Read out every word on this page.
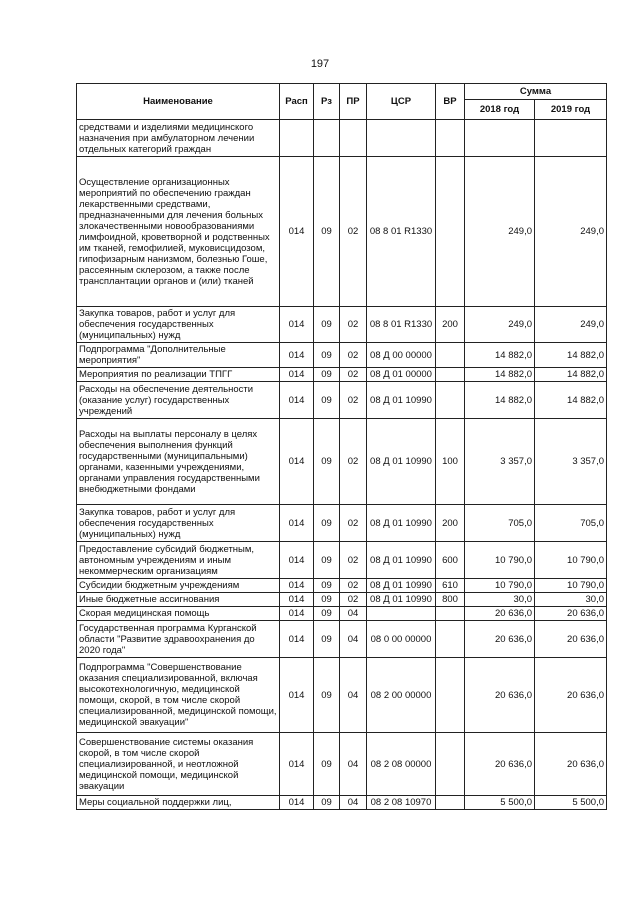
197
Наименование	Расп	Рз	ПР	ЦСР	ВР	Сумма	
						2018 год	2019 год
средствами и изделиями медицинского назначения при амбулаторном лечении отдельных категорий граждан							
Осуществление организационных мероприятий по обеспечению граждан лекарственными средствами, предназначенными для лечения больных злокачественными новообразованиями лимфоидной, кроветворной и родственных им тканей, гемофилией, муковисцидозом, гипофизарным нанизмом, болезнью Гоше, рассеянным склерозом, а также после трансплантации органов и (или) тканей	014	09	02	08 8 01 R1330		249,0	249,0
Закупка товаров, работ и услуг для обеспечения государственных (муниципальных) нужд	014	09	02	08 8 01 R1330	200	249,0	249,0
Подпрограмма "Дополнительные мероприятия"	014	09	02	08 Д 00 00000		14 882,0	14 882,0
Мероприятия по реализации ТПГГ	014	09	02	08 Д 01 00000		14 882,0	14 882,0
Расходы на обеспечение деятельности (оказание услуг) государственных учреждений	014	09	02	08 Д 01 10990		14 882,0	14 882,0
Расходы на выплаты персоналу в целях обеспечения выполнения функций государственными (муниципальными) органами, казенными учреждениями, органами управления государственными внебюджетными фондами	014	09	02	08 Д 01 10990	100	3 357,0	3 357,0
Закупка товаров, работ и услуг для обеспечения государственных (муниципальных) нужд	014	09	02	08 Д 01 10990	200	705,0	705,0
Предоставление субсидий бюджетным, автономным учреждениям и иным некоммерческим организациям	014	09	02	08 Д 01 10990	600	10 790,0	10 790,0
Субсидии бюджетным учреждениям	014	09	02	08 Д 01 10990	610	10 790,0	10 790,0
Иные бюджетные ассигнования	014	09	02	08 Д 01 10990	800	30,0	30,0
Скорая медицинская помощь	014	09	04			20 636,0	20 636,0
Государственная программа Курганской области "Развитие здравоохранения до 2020 года"	014	09	04	08 0 00 00000		20 636,0	20 636,0
Подпрограмма "Совершенствование оказания специализированной, включая высокотехнологичную, медицинской помощи, скорой, в том числе скорой специализированной, медицинской помощи, медицинской эвакуации"	014	09	04	08 2 00 00000		20 636,0	20 636,0
Совершенствование системы оказания скорой, в том числе скорой специализированной, и неотложной медицинской помощи, медицинской эвакуации	014	09	04	08 2 08 00000		20 636,0	20 636,0
Меры социальной поддержки лиц,	014	09	04	08 2 08 10970		5 500,0	5 500,0
